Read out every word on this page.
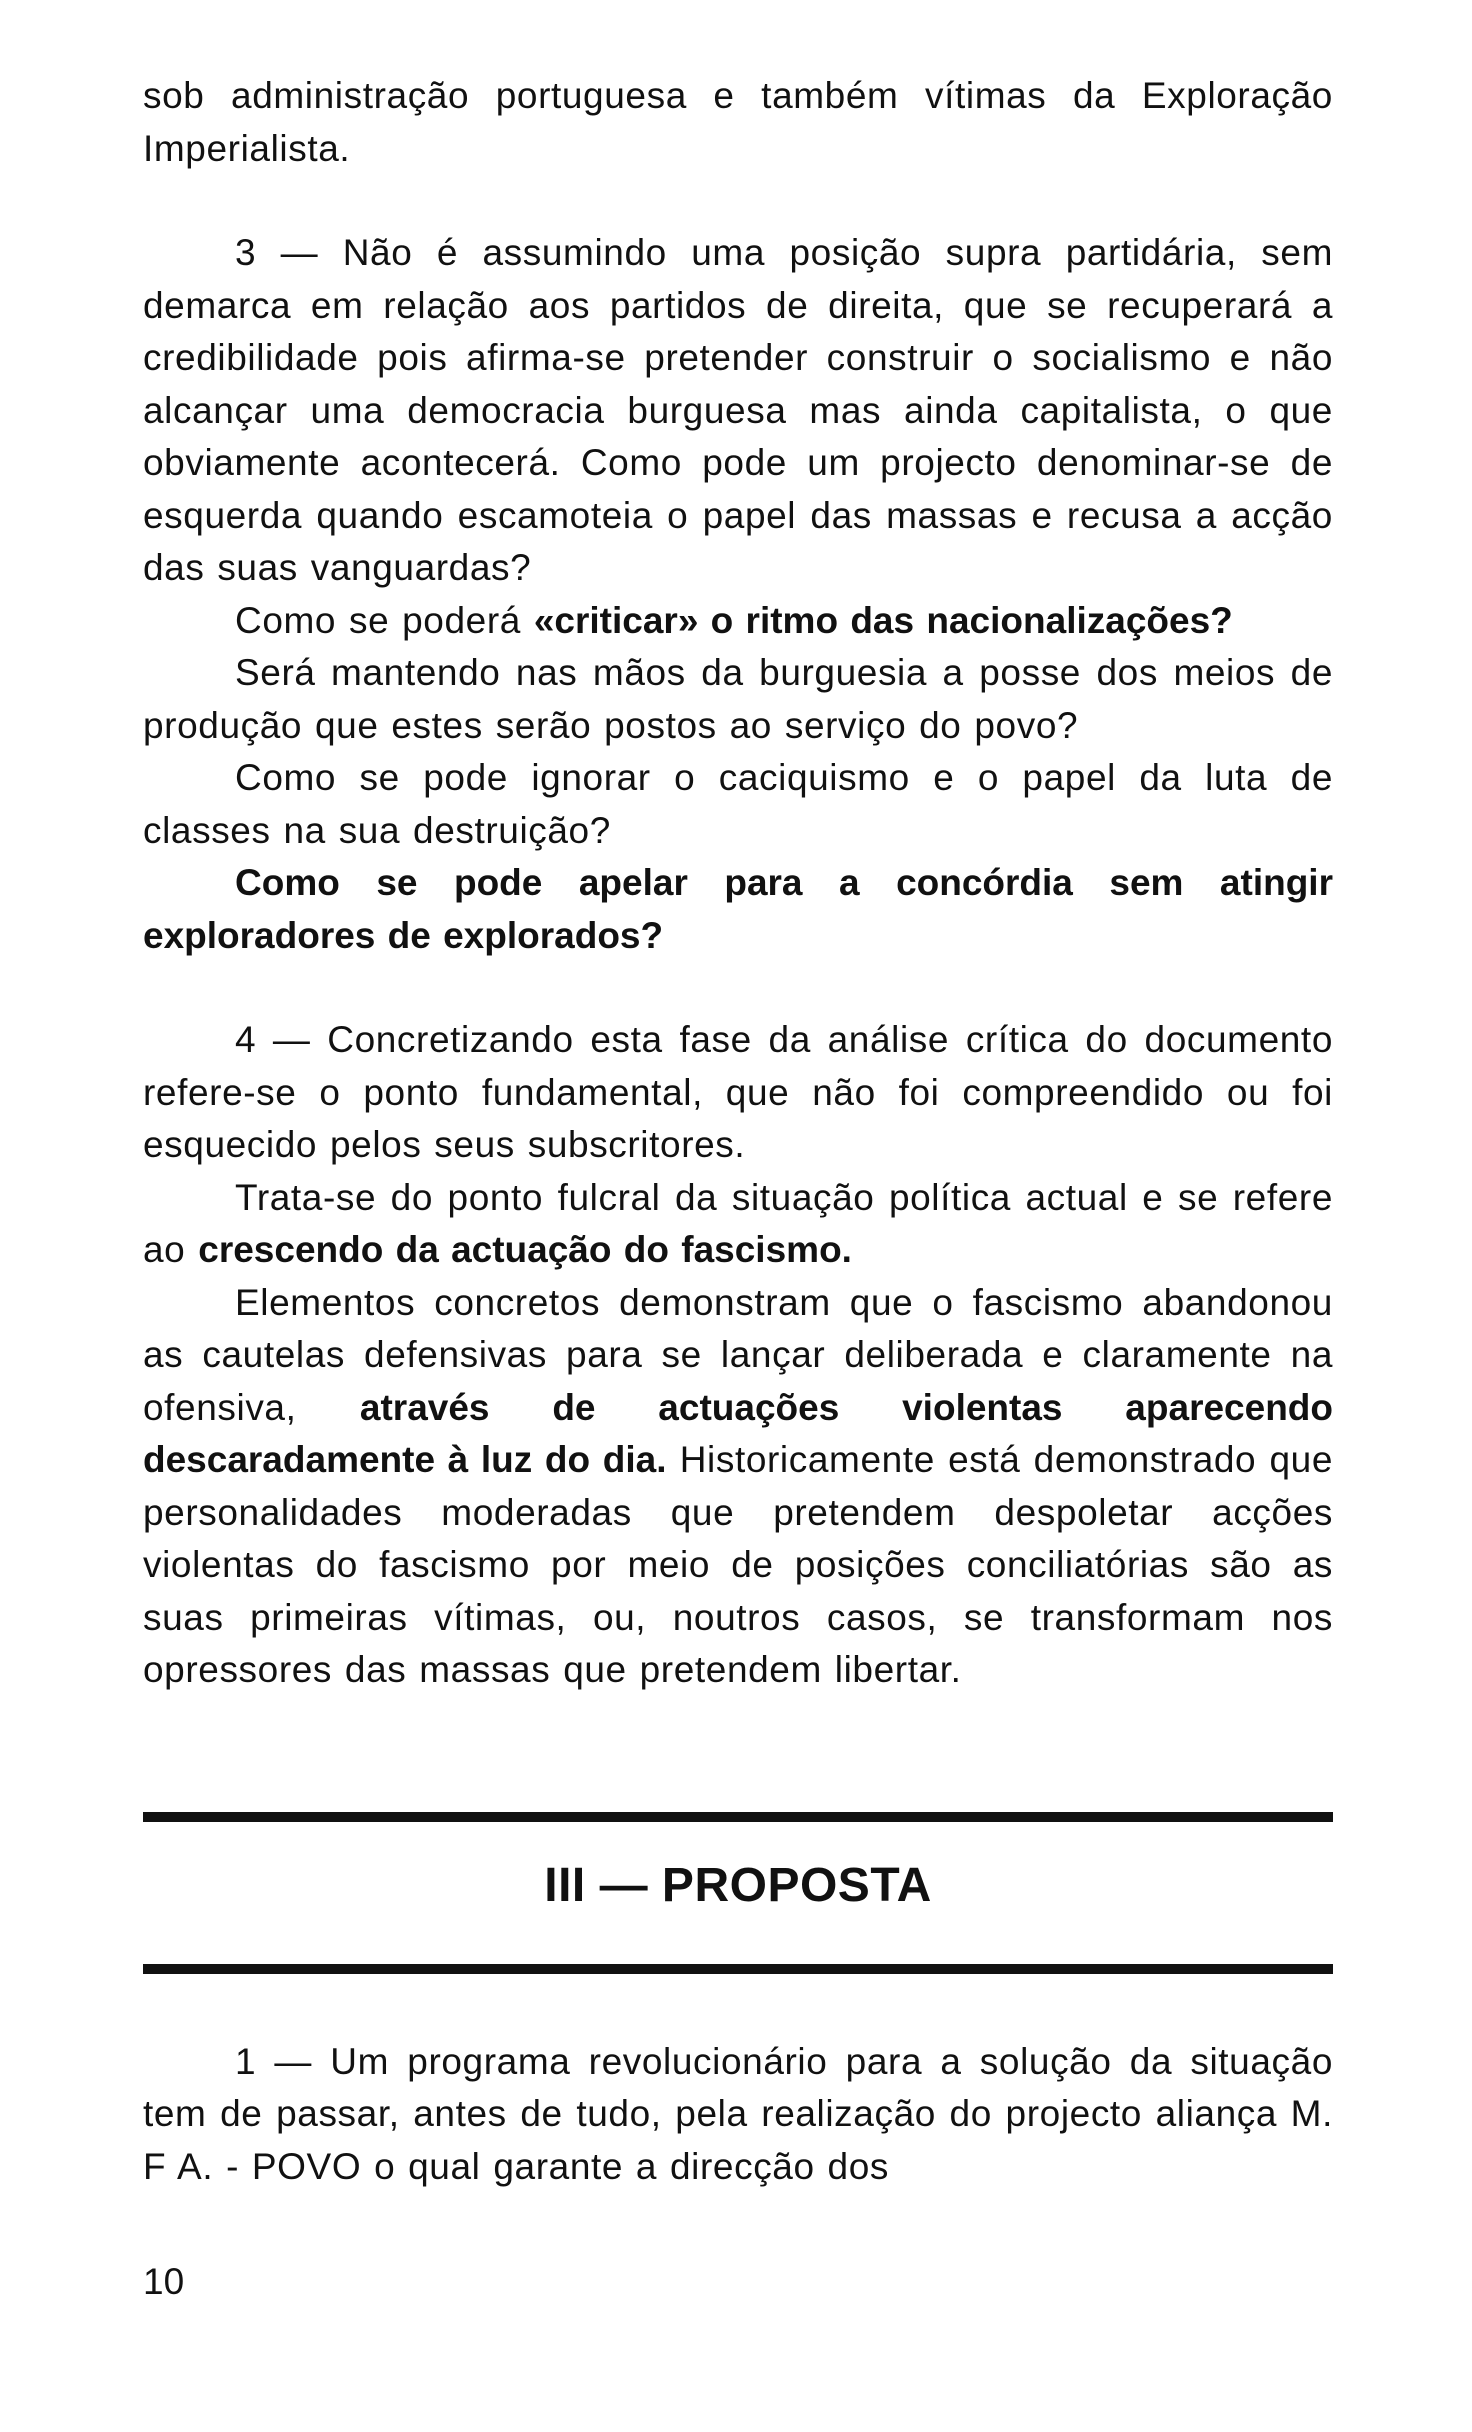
sob administração portuguesa e também vítimas da Exploração Imperialista.

3 — Não é assumindo uma posição supra partidária, sem demarca em relação aos partidos de direita, que se recuperará a credibilidade pois afirma-se pretender construir o socialismo e não alcançar uma democracia burguesa mas ainda capitalista, o que obviamente acontecerá. Como pode um projecto denominar-se de esquerda quando escamoteia o papel das massas e recusa a acção das suas vanguardas?

Como se poderá «criticar» o ritmo das nacionalizações?

Será mantendo nas mãos da burguesia a posse dos meios de produção que estes serão postos ao serviço do povo?

Como se pode ignorar o caciquismo e o papel da luta de classes na sua destruição?

Como se pode apelar para a concórdia sem atingir exploradores de explorados?

4 — Concretizando esta fase da análise crítica do documento refere-se o ponto fundamental, que não foi compreendido ou foi esquecido pelos seus subscritores.

Trata-se do ponto fulcral da situação política actual e se refere ao crescendo da actuação do fascismo.

Elementos concretos demonstram que o fascismo abandonou as cautelas defensivas para se lançar deliberada e claramente na ofensiva, através de actuações violentas aparecendo descaradamente à luz do dia. Historicamente está demonstrado que personalidades moderadas que pretendem despoletar acções violentas do fascismo por meio de posições conciliatórias são as suas primeiras vítimas, ou, noutros casos, se transformam nos opressores das massas que pretendem libertar.

III — PROPOSTA

1 — Um programa revolucionário para a solução da situação tem de passar, antes de tudo, pela realização do projecto aliança M. F A. - POVO o qual garante a direcção dos

10
